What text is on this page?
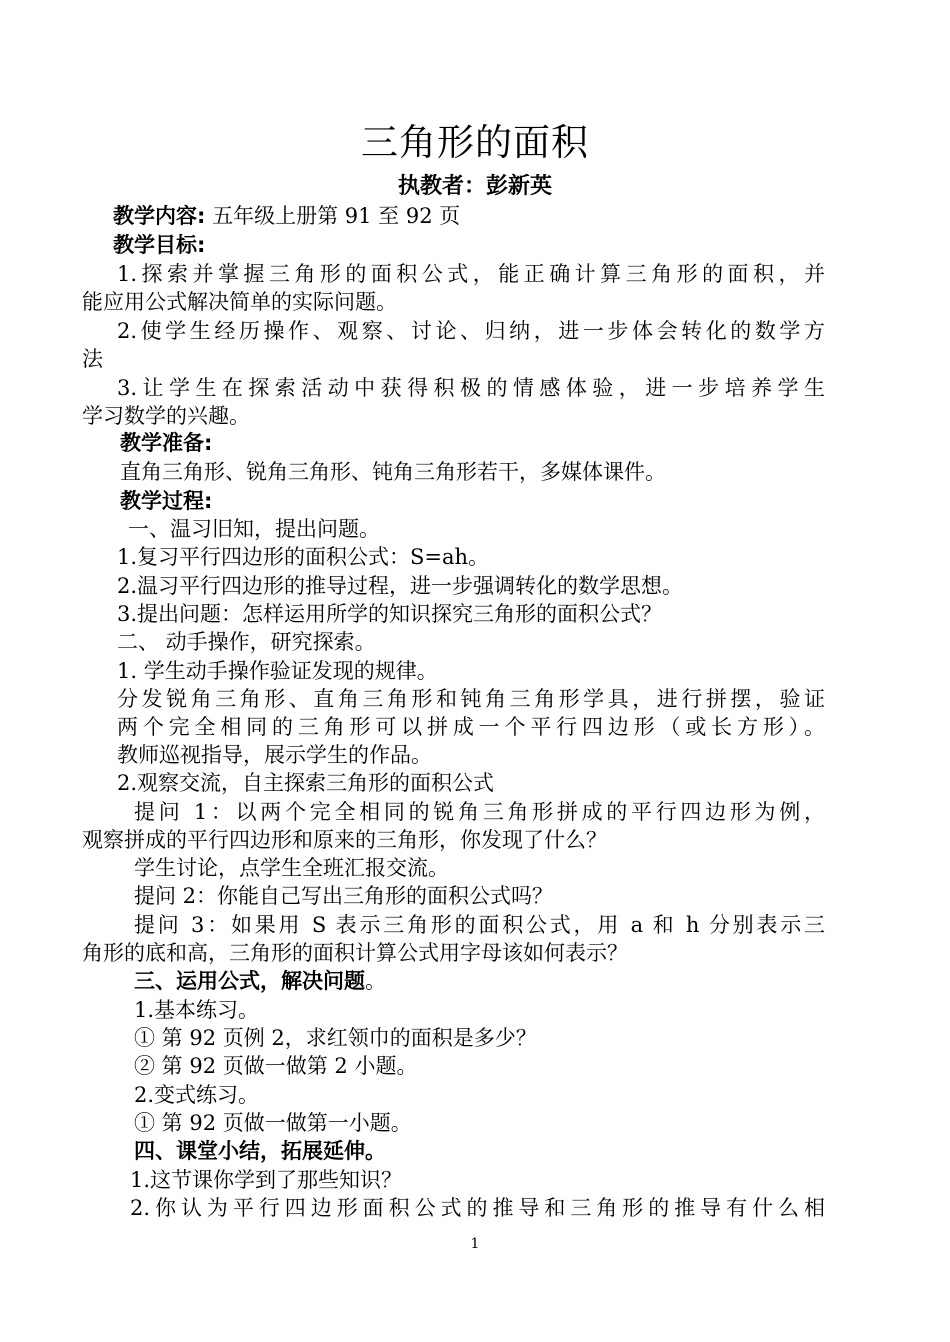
三角形的面积
执教者：彭新英
教学内容: 五年级上册第 91 至 92 页
教学目标:
1.探索并掌握三角形的面积公式，能正确计算三角形的面积，并
能应用公式解决简单的实际问题。
2.使学生经历操作、观察、讨论、归纳，进一步体会转化的数学方
法
3.让学生在探索活动中获得积极的情感体验，进一步培养学生
学习数学的兴趣。
教学准备:
直角三角形、锐角三角形、钝角三角形若干，多媒体课件。
教学过程:
一、温习旧知，提出问题。
1.复习平行四边形的面积公式：S=ah。
2.温习平行四边形的推导过程，进一步强调转化的数学思想。
3.提出问题：怎样运用所学的知识探究三角形的面积公式？
二、 动手操作，研究探索。
1. 学生动手操作验证发现的规律。
分发锐角三角形、直角三角形和钝角三角形学具，进行拼摆，验证
两个完全相同的三角形可以拼成一个平行四边形（或长方形）。
教师巡视指导，展示学生的作品。
2.观察交流，自主探索三角形的面积公式
提问 1：以两个完全相同的锐角三角形拼成的平行四边形为例，
观察拼成的平行四边形和原来的三角形，你发现了什么？
学生讨论，点学生全班汇报交流。
提问 2：你能自己写出三角形的面积公式吗？
提问 3：如果用 S 表示三角形的面积公式，用 a 和 h 分别表示三
角形的底和高，三角形的面积计算公式用字母该如何表示？
三、运用公式，解决问题。
1.基本练习。
① 第 92 页例 2，求红领巾的面积是多少？
② 第 92 页做一做第 2 小题。
2.变式练习。
① 第 92 页做一做第一小题。
四、课堂小结，拓展延伸。
1.这节课你学到了那些知识？
2.你认为平行四边形面积公式的推导和三角形的推导有什么相
1
